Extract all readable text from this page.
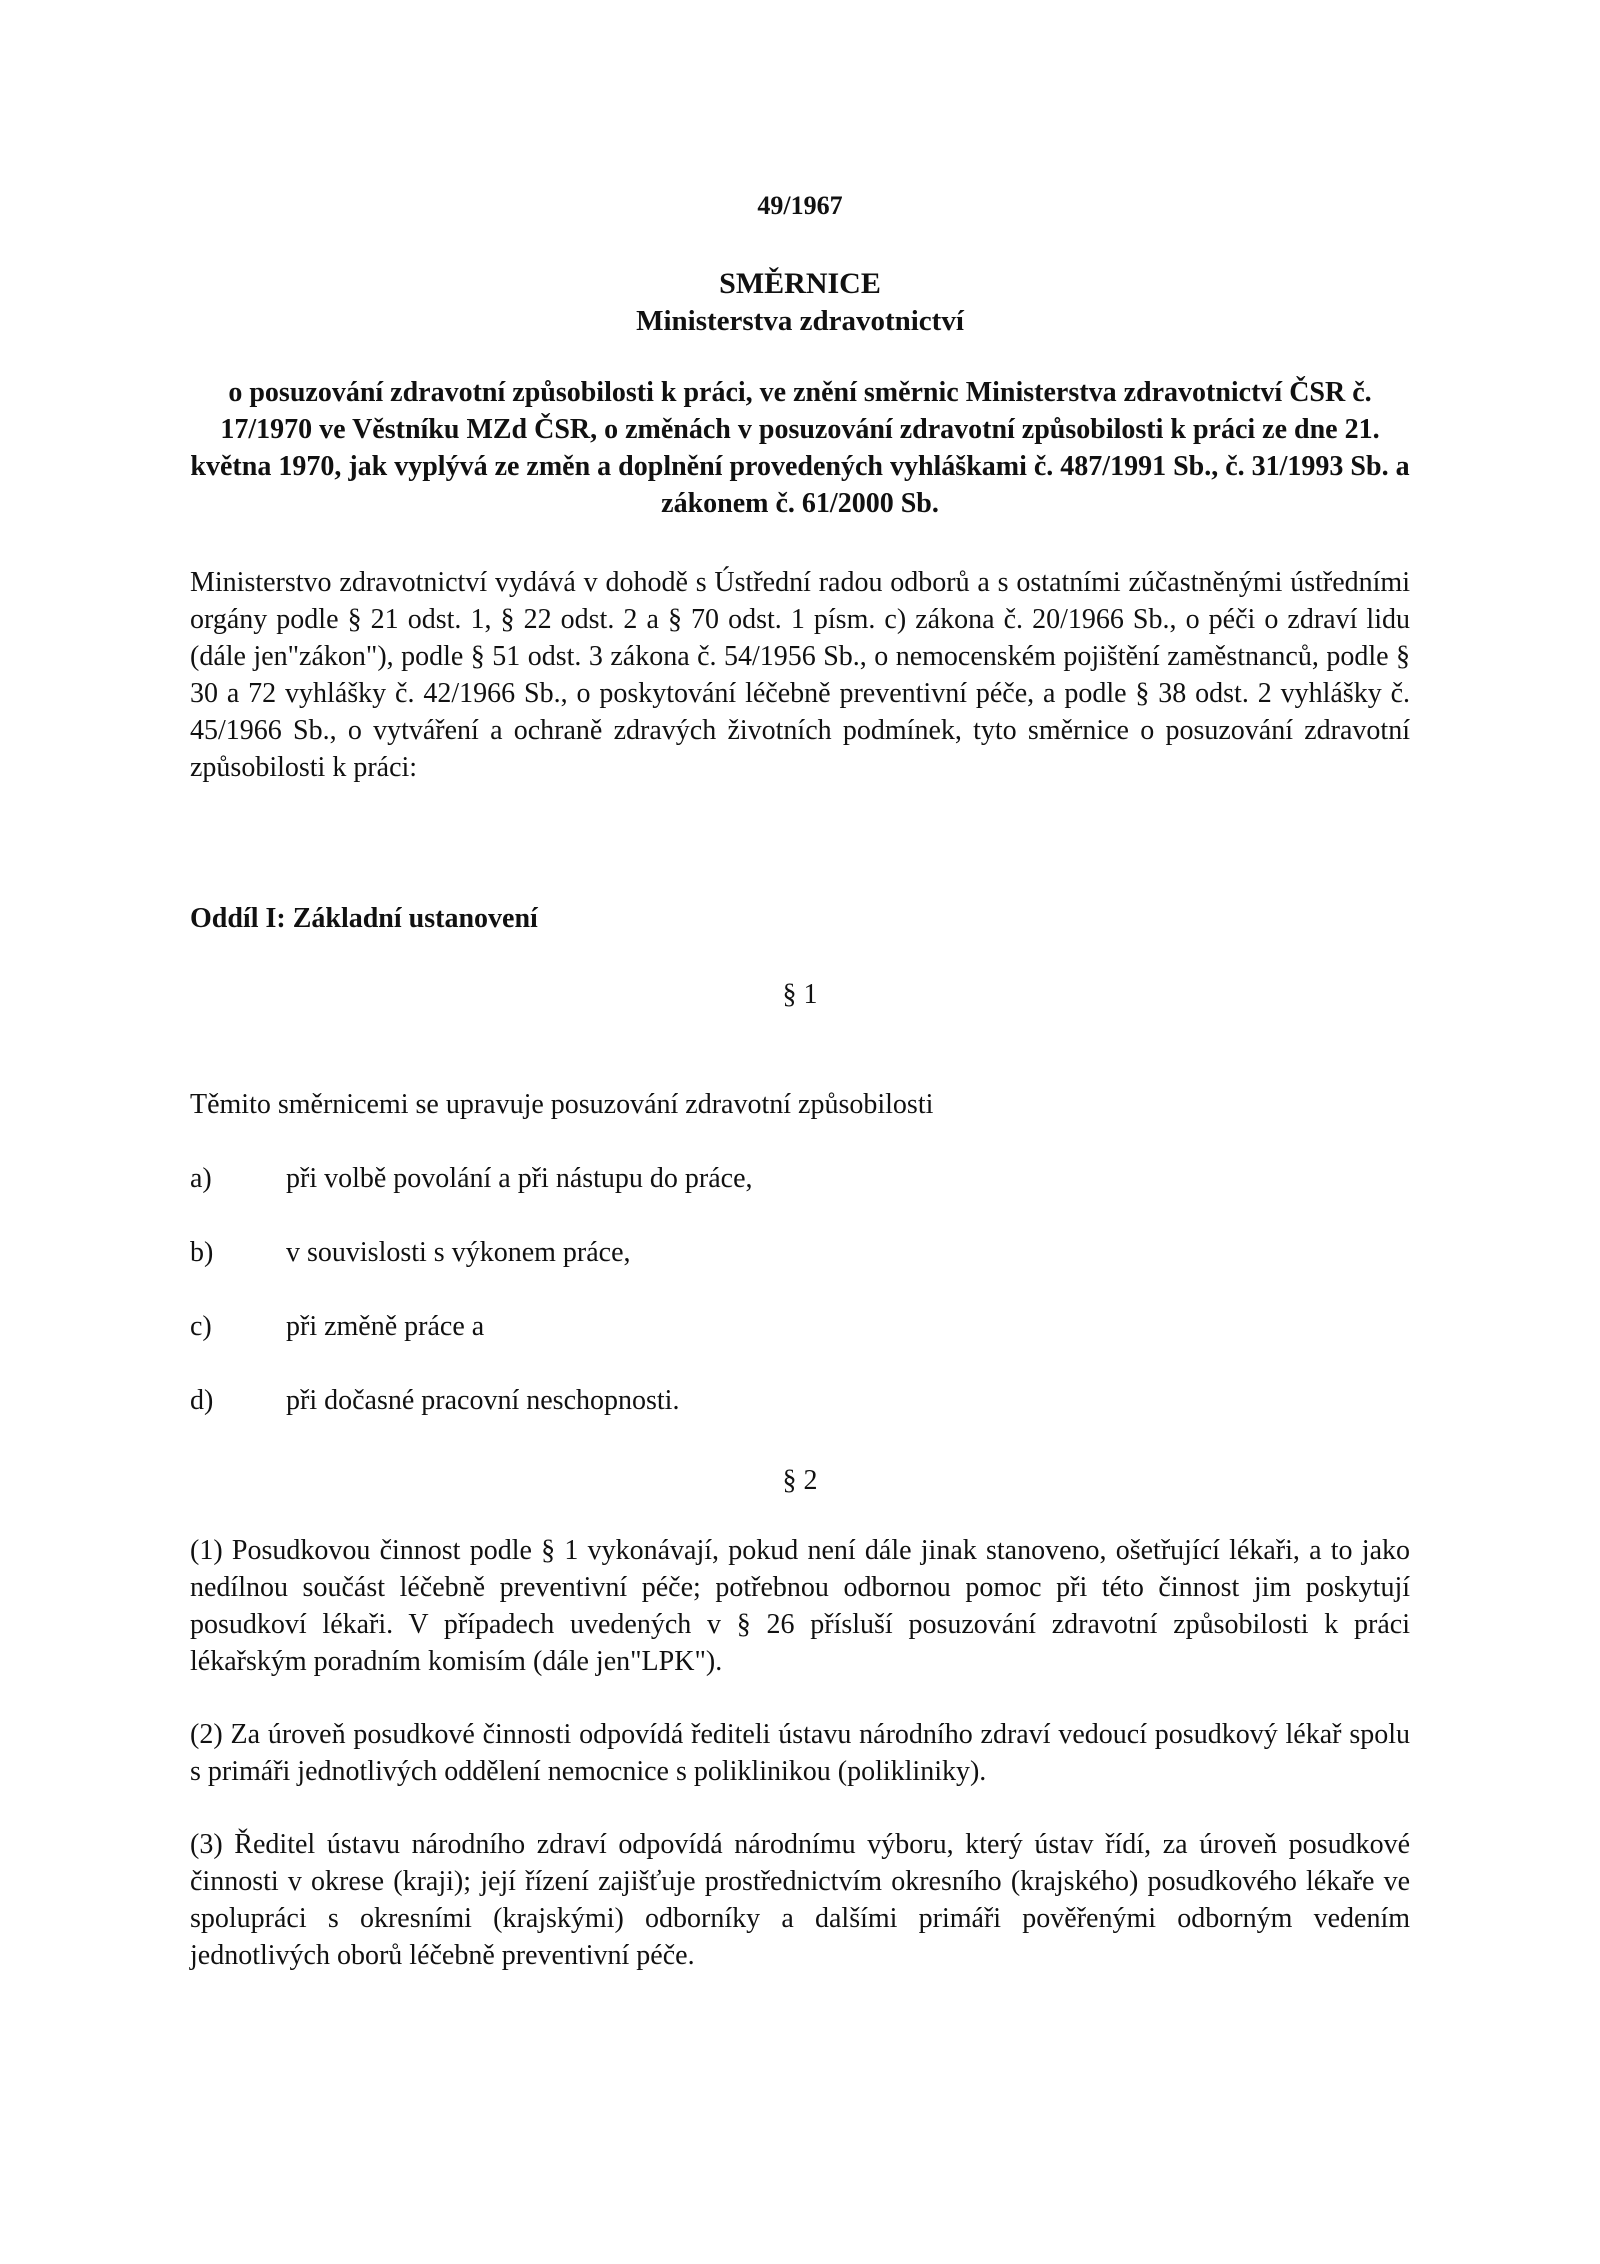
49/1967

SMĚRNICE

Ministerstva zdravotnictví

o posuzování zdravotní způsobilosti k práci, ve znění směrnic Ministerstva zdravotnictví ČSR č. 17/1970 ve Věstníku MZd ČSR, o změnách v posuzování zdravotní způsobilosti k práci ze dne 21. května 1970, jak vyplývá ze změn a doplnění provedených vyhláškami č. 487/1991 Sb., č. 31/1993 Sb. a zákonem č. 61/2000 Sb.

Ministerstvo zdravotnictví vydává v dohodě s Ústřední radou odborů a s ostatními zúčastněnými ústředními orgány podle § 21 odst. 1, § 22 odst. 2 a § 70 odst. 1 písm. c) zákona č. 20/1966 Sb., o péči o zdraví lidu (dále jen"zákon"), podle § 51 odst. 3 zákona č. 54/1956 Sb., o nemocenském pojištění zaměstnanců, podle § 30 a 72 vyhlášky č. 42/1966 Sb., o poskytování léčebně preventivní péče, a podle § 38 odst. 2 vyhlášky č. 45/1966 Sb., o vytváření a ochraně zdravých životních podmínek, tyto směrnice o posuzování zdravotní způsobilosti k práci:

Oddíl I: Základní ustanovení

§ 1

Těmito směrnicemi se upravuje posuzování zdravotní způsobilosti

a)	při volbě povolání a při nástupu do práce,
b)	v souvislosti s výkonem práce,
c)	při změně práce a
d)	při dočasné pracovní neschopnosti.

§ 2

(1) Posudkovou činnost podle § 1 vykonávají, pokud není dále jinak stanoveno, ošetřující lékaři, a to jako nedílnou součást léčebně preventivní péče; potřebnou odbornou pomoc při této činnost jim poskytují posudkoví lékaři. V případech uvedených v § 26 přísluší posuzování zdravotní způsobilosti k práci lékařským poradním komisím (dále jen"LPK").

(2) Za úroveň posudkové činnosti odpovídá řediteli ústavu národního zdraví vedoucí posudkový lékař spolu s primáři jednotlivých oddělení nemocnice s poliklinikou (polikliniky).

(3) Ředitel ústavu národního zdraví odpovídá národnímu výboru, který ústav řídí, za úroveň posudkové činnosti v okrese (kraji); její řízení zajišťuje prostřednictvím okresního (krajského) posudkového lékaře ve spolupráci s okresními (krajskými) odborníky a dalšími primáři pověřenými odborným vedením jednotlivých oborů léčebně preventivní péče.
